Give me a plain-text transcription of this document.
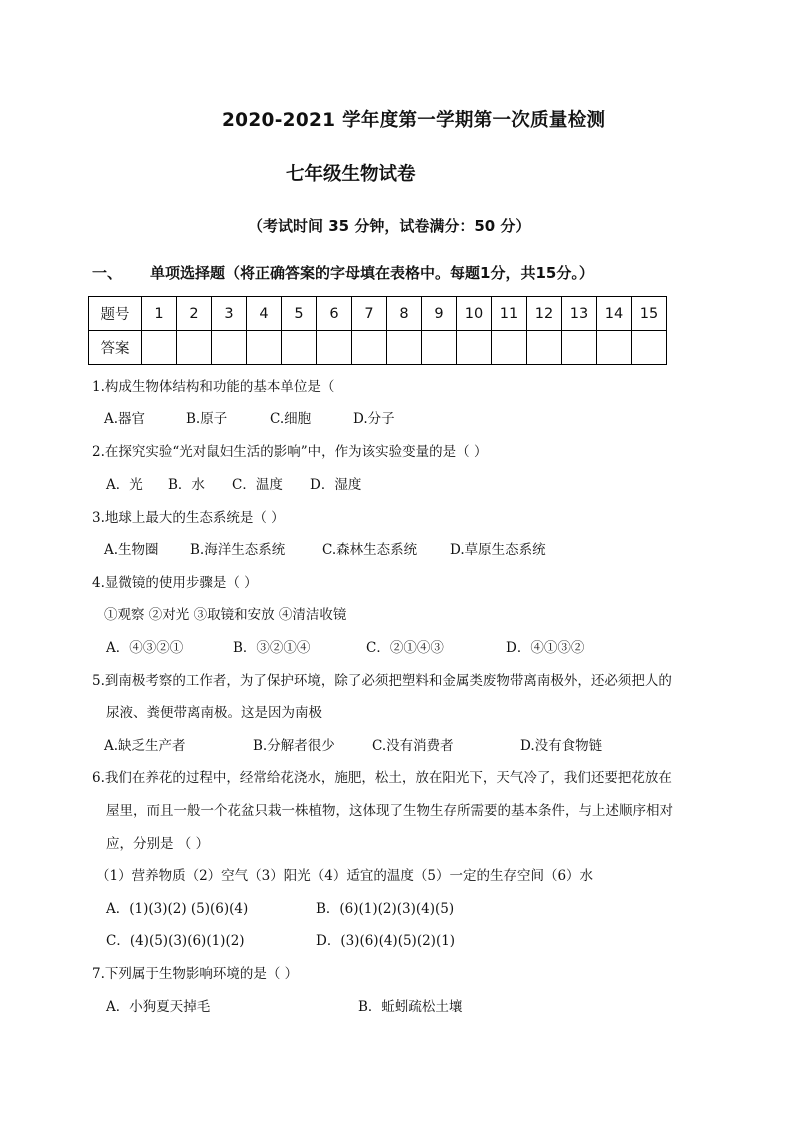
2020-2021 学年度第一学期第一次质量检测
七年级生物试卷
（考试时间 35 分钟，试卷满分：50 分）
一、 单项选择题（将正确答案的字母填在表格中。每题1分，共15分。）
题号	1	2	3	4	5	6	7	8	9	10	11	12	13	14	15
答案															
1.构成生物体结构和功能的基本单位是（
A.器官	B.原子	C.细胞	D.分子
2.在探究实验“光对鼠妇生活的影响”中，作为该实验变量的是（ ）
A．光 B．水 C．温度 D．湿度
3.地球上最大的生态系统是（ ）
A.生物圈 B.海洋生态系统	C.森林生态系统 D.草原生态系统
4.显微镜的使用步骤是（ ）
①观察 ②对光 ③取镜和安放 ④清洁收镜
A．④③②①	B．③②①④	C．②①④③	D．④①③②
5.到南极考察的工作者，为了保护环境，除了必须把塑料和金属类废物带离南极外，还必须把人的
尿液、粪便带离南极。这是因为南极
A.缺乏生产者	B.分解者很少	C.没有消费者	D.没有食物链
6.我们在养花的过程中，经常给花浇水，施肥，松土，放在阳光下，天气冷了，我们还要把花放在
屋里，而且一般一个花盆只栽一株植物，这体现了生物生存所需要的基本条件，与上述顺序相对
应，分别是 （ ）
（1）营养物质（2）空气（3）阳光（4）适宜的温度（5）一定的生存空间（6）水
A．(1)(3)(2) (5)(6)(4)	B．(6)(1)(2)(3)(4)(5)
C．(4)(5)(3)(6)(1)(2)	D．(3)(6)(4)(5)(2)(1)
7.下列属于生物影响环境的是（ ）
A．小狗夏天掉毛	B．蚯蚓疏松土壤
